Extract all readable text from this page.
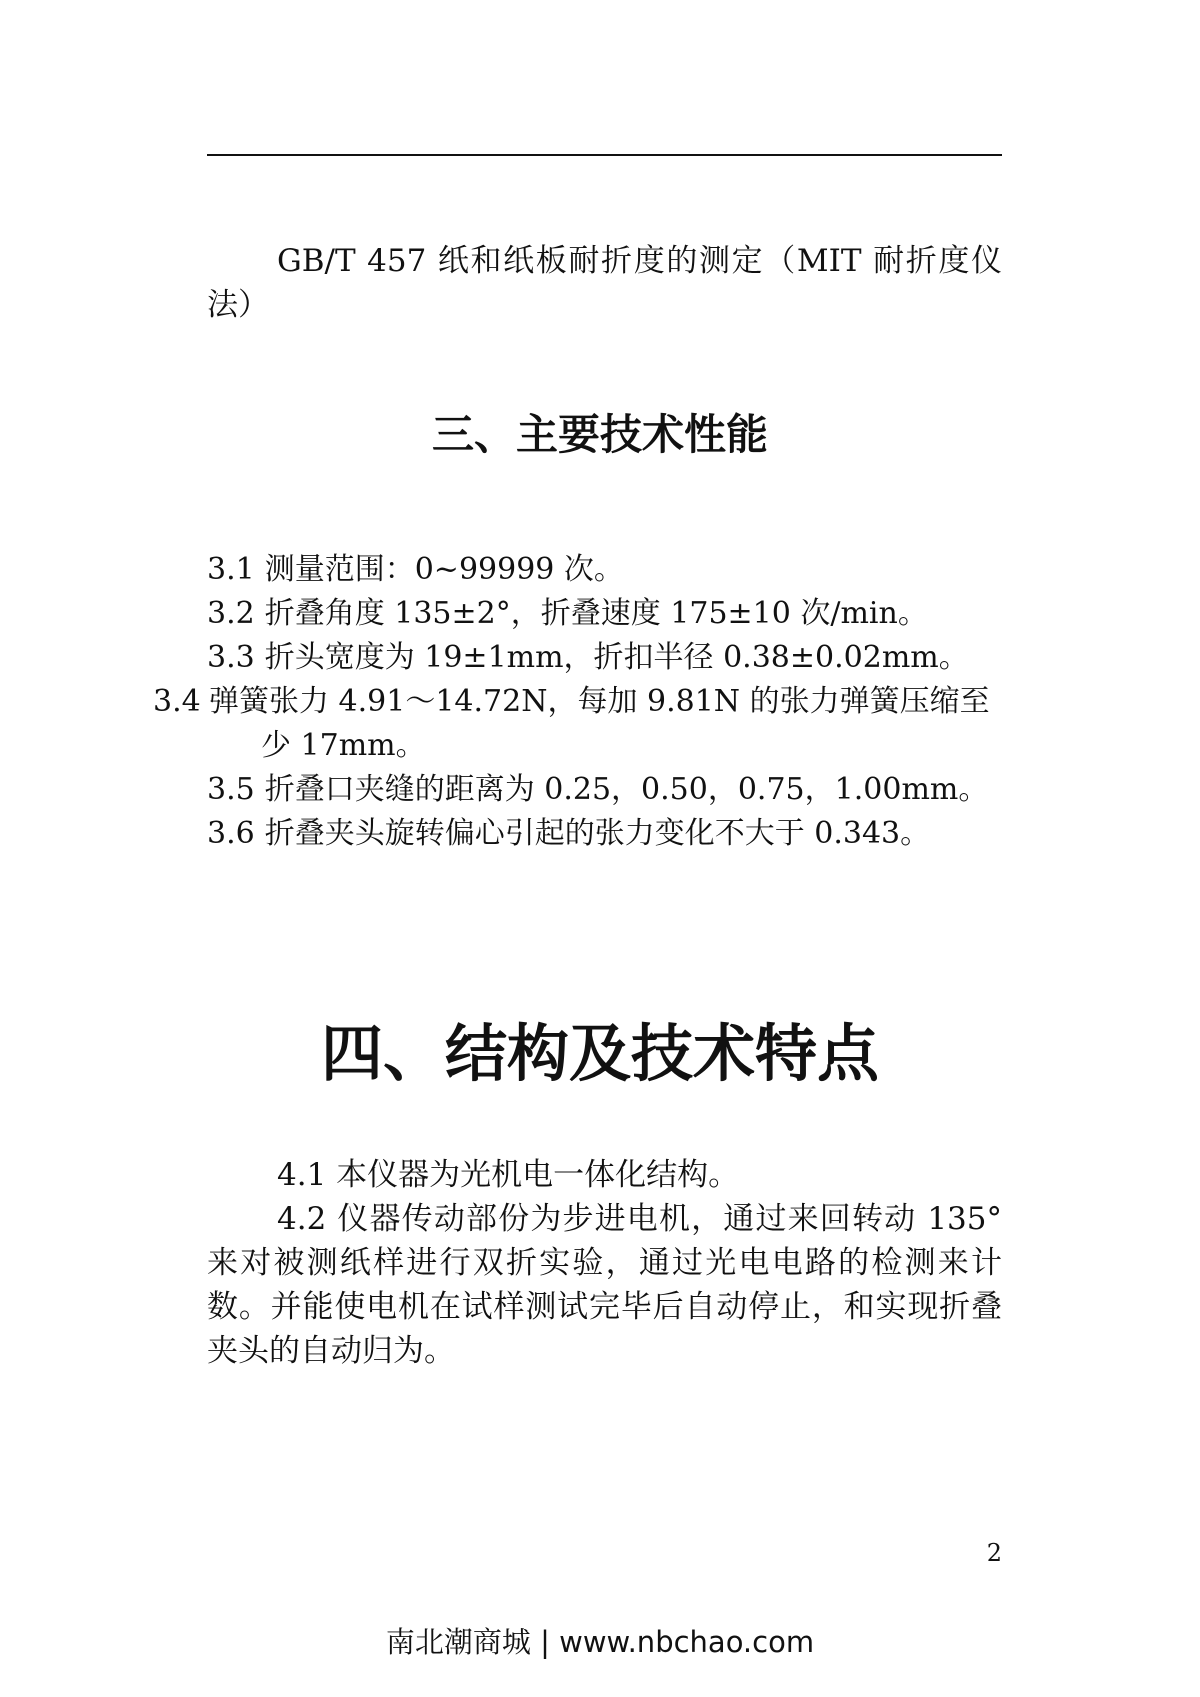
GB/T 457 纸和纸板耐折度的测定（MIT 耐折度仪法）

三、主要技术性能
3.1 测量范围：0~99999 次。
3.2 折叠角度 135±2°，折叠速度 175±10 次/min。
3.3 折头宽度为 19±1mm，折扣半径 0.38±0.02mm。
3.4 弹簧张力 4.91～14.72N，每加 9.81N 的张力弹簧压缩至少 17mm。
3.5 折叠口夹缝的距离为 0.25，0.50，0.75，1.00mm。
3.6 折叠夹头旋转偏心引起的张力变化不大于 0.343。
四、结构及技术特点

4.1 本仪器为光机电一体化结构。

4.2 仪器传动部份为步进电机，通过来回转动 135°来对被测纸样进行双折实验，通过光电电路的检测来计数。并能使电机在试样测试完毕后自动停止，和实现折叠夹头的自动归为。

2
南北潮商城 | www.nbchao.com
